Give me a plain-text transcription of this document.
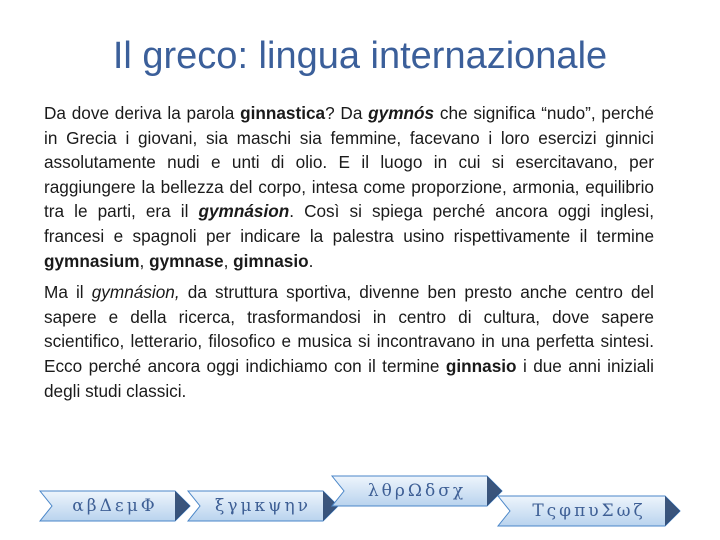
Il greco: lingua internazionale

Da dove deriva la parola ginnastica? Da gymnós che significa “nudo”, perché in Grecia i giovani, sia maschi sia femmine, facevano i loro esercizi ginnici assolutamente nudi e unti di olio. E il luogo in cui si esercitavano, per raggiungere la bellezza del corpo, intesa come proporzione, armonia, equilibrio tra le parti, era il gymnásion. Così si spiega perché ancora oggi inglesi, francesi e spagnoli per indicare la palestra usino rispettivamente il termine gymnasium, gymnase, gimnasio.

Ma il gymnásion, da struttura sportiva, divenne ben presto anche centro del sapere e della ricerca, trasformandosi in centro di cultura, dove sapere scientifico, letterario, filosofico e musica si incontravano in una perfetta sintesi. Ecco perché ancora oggi indichiamo con il termine ginnasio i due anni iniziali degli studi classici.

αβΔεμΦ	ξγμκψην
λθρΩδσχ
ΤςφπυΣωζ
